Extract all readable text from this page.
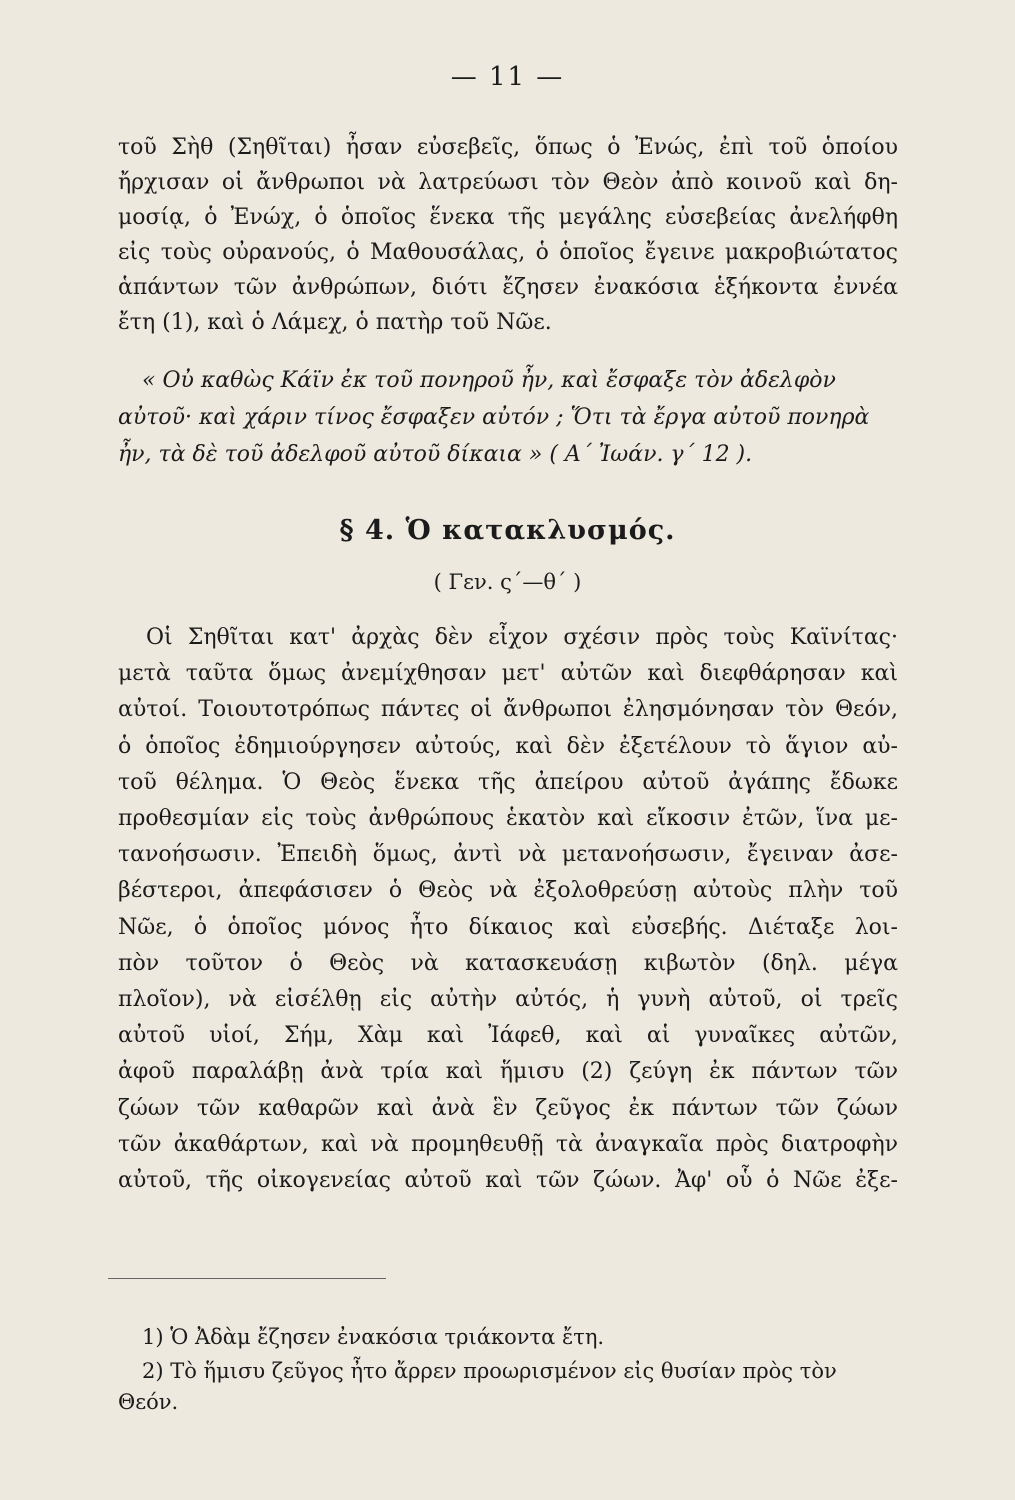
— 11 —
τοῦ Σὴθ (Σηθῖται) ἦσαν εὐσεβεῖς, ὅπως ὁ Ἐνώς, ἐπὶ τοῦ ὁποίου
ἤρχισαν οἱ ἄνθρωποι νὰ λατρεύωσι τὸν Θεὸν ἀπὸ κοινοῦ καὶ δη-
μοσίᾳ, ὁ Ἐνώχ, ὁ ὁποῖος ἕνεκα τῆς μεγάλης εὐσεβείας ἀνελήφθη
εἰς τοὺς οὐρανούς, ὁ Μαθουσάλας, ὁ ὁποῖος ἔγεινε μακροβιώτατος
ἁπάντων τῶν ἀνθρώπων, διότι ἔζησεν ἐνακόσια ἑξήκοντα ἐννέα
ἔτη (1), καὶ ὁ Λάμεχ, ὁ πατὴρ τοῦ Νῶε.
« Οὐ καθὼς Κάϊν ἐκ τοῦ πονηροῦ ἦν, καὶ ἔσφαξε τὸν ἀδελφὸν
αὐτοῦ· καὶ χάριν τίνος ἔσφαξεν αὐτόν ; Ὅτι τὰ ἔργα αὐτοῦ πονηρὰ
ἦν, τὰ δὲ τοῦ ἀδελφοῦ αὐτοῦ δίκαια » ( Α΄ Ἰωάν. γ΄ 12 ).
§ 4. Ὁ κατακλυσμός.
( Γεν. ς΄—θ΄ )
Οἱ Σηθῖται κατ' ἀρχὰς δὲν εἶχον σχέσιν πρὸς τοὺς Καϊνίτας·
μετὰ ταῦτα ὅμως ἀνεμίχθησαν μετ' αὐτῶν καὶ διεφθάρησαν καὶ
αὐτοί. Τοιουτοτρόπως πάντες οἱ ἄνθρωποι ἐλησμόνησαν τὸν Θεόν,
ὁ ὁποῖος ἐδημιούργησεν αὐτούς, καὶ δὲν ἐξετέλουν τὸ ἅγιον αὐ-
τοῦ θέλημα. Ὁ Θεὸς ἕνεκα τῆς ἀπείρου αὐτοῦ ἀγάπης ἔδωκε
προθεσμίαν εἰς τοὺς ἀνθρώπους ἑκατὸν καὶ εἴκοσιν ἐτῶν, ἵνα με-
τανοήσωσιν. Ἐπειδὴ ὅμως, ἀντὶ νὰ μετανοήσωσιν, ἔγειναν ἀσε-
βέστεροι, ἀπεφάσισεν ὁ Θεὸς νὰ ἐξολοθρεύσῃ αὐτοὺς πλὴν τοῦ
Νῶε, ὁ ὁποῖος μόνος ἦτο δίκαιος καὶ εὐσεβής. Διέταξε λοι-
πὸν τοῦτον ὁ Θεὸς νὰ κατασκευάσῃ κιβωτὸν (δηλ. μέγα
πλοῖον), νὰ εἰσέλθῃ εἰς αὐτὴν αὐτός, ἡ γυνὴ αὐτοῦ, οἱ τρεῖς
αὐτοῦ υἱοί, Σήμ, Χὰμ καὶ Ἰάφεθ, καὶ αἱ γυναῖκες αὐτῶν,
ἀφοῦ παραλάβῃ ἀνὰ τρία καὶ ἥμισυ (2) ζεύγη ἐκ πάντων τῶν
ζώων τῶν καθαρῶν καὶ ἀνὰ ἓν ζεῦγος ἐκ πάντων τῶν ζώων
τῶν ἀκαθάρτων, καὶ νὰ προμηθευθῇ τὰ ἀναγκαῖα πρὸς διατροφὴν
αὐτοῦ, τῆς οἰκογενείας αὐτοῦ καὶ τῶν ζώων. Ἀφ' οὗ ὁ Νῶε ἐξε-
1) Ὁ Ἀδὰμ ἔζησεν ἐνακόσια τριάκοντα ἔτη.
2) Τὸ ἥμισυ ζεῦγος ἦτο ἄρρεν προωρισμένον εἰς θυσίαν πρὸς τὸν
Θεόν.
